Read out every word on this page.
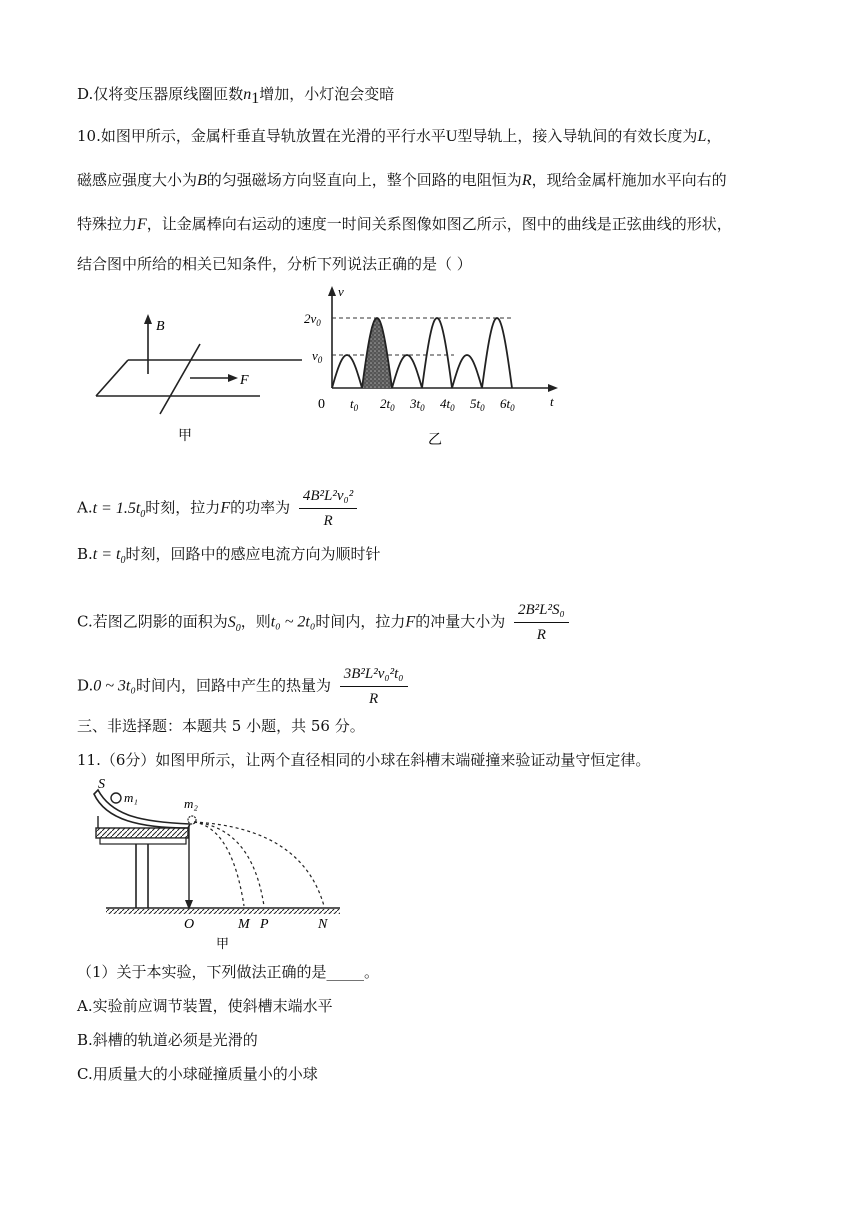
D.仅将变压器原线圈匝数$n_1$增加，小灯泡会变暗
10.如图甲所示，金属杆垂直导轨放置在光滑的平行水平U型导轨上，接入导轨间的有效长度为L，
磁感应强度大小为B的匀强磁场方向竖直向上，整个回路的电阻恒为R，现给金属杆施加水平向右的
特殊拉力F，让金属棒向右运动的速度一时间关系图像如图乙所示，图中的曲线是正弦曲线的形状，
结合图中所给的相关已知条件，分析下列说法正确的是（ ）
B
F
甲
$2v_0$
$v_0$
v
t
0 $t_0$ $2t_0$ $3t_0$ $4t_0$ $5t_0$ $6t_0$
乙
$A.t = 1.5t_0$时刻，拉力F的功率为 $\frac{\text{4B²L²v₀²}}{R}$
$B.t = t_0$时刻，回路中的感应电流方向为顺时针
C.若图乙阴影的面积为$S_0$，则t₀ ~ 2t₀时间内，拉力F的冲量大小为 $\frac{\text{2B²L²S₀}}{R}$
D.0 ~ 3t₀时间内，回路中产生的热量为 $\frac{\text{3B²L²v₀²t₀}}{R}$
三、非选择题：本题共 5 小题，共 56 分。
11.（6分）如图甲所示，让两个直径相同的小球在斜槽末端碰撞来验证动量守恒定律。
S
m₁	m₂
O	M P	N
甲
（1）关于本实验，下列做法正确的是_____。
A.实验前应调节装置，使斜槽末端水平
B.斜槽的轨道必须是光滑的
C.用质量大的小球碰撞质量小的小球
